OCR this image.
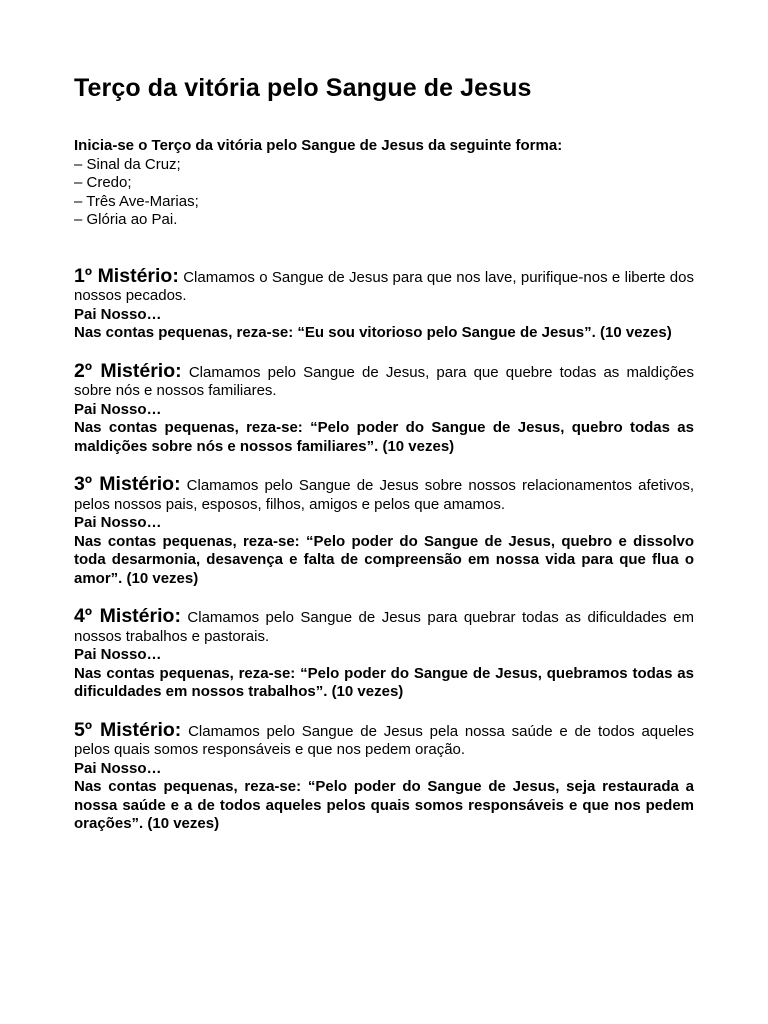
Terço da vitória pelo Sangue de Jesus
Inicia-se o Terço da vitória pelo Sangue de Jesus da seguinte forma:
– Sinal da Cruz;
– Credo;
– Três Ave-Marias;
– Glória ao Pai.
1º Mistério: Clamamos o Sangue de Jesus para que nos lave, purifique-nos e liberte dos nossos pecados.
Pai Nosso…
Nas contas pequenas, reza-se: “Eu sou vitorioso pelo Sangue de Jesus”. (10 vezes)
2º Mistério: Clamamos pelo Sangue de Jesus, para que quebre todas as maldições sobre nós e nossos familiares.
Pai Nosso…
Nas contas pequenas, reza-se: “Pelo poder do Sangue de Jesus, quebro todas as maldições sobre nós e nossos familiares”. (10 vezes)
3º Mistério: Clamamos pelo Sangue de Jesus sobre nossos relacionamentos afetivos, pelos nossos pais, esposos, filhos, amigos e pelos que amamos.
Pai Nosso…
Nas contas pequenas, reza-se: “Pelo poder do Sangue de Jesus, quebro e dissolvo toda desarmonia, desavença e falta de compreensão em nossa vida para que flua o amor”. (10 vezes)
4º Mistério: Clamamos pelo Sangue de Jesus para quebrar todas as dificuldades em nossos trabalhos e pastorais.
Pai Nosso…
Nas contas pequenas, reza-se: “Pelo poder do Sangue de Jesus, quebramos todas as dificuldades em nossos trabalhos”. (10 vezes)
5º Mistério: Clamamos pelo Sangue de Jesus pela nossa saúde e de todos aqueles pelos quais somos responsáveis e que nos pedem oração.
Pai Nosso…
Nas contas pequenas, reza-se: “Pelo poder do Sangue de Jesus, seja restaurada a nossa saúde e a de todos aqueles pelos quais somos responsáveis e que nos pedem orações”. (10 vezes)
